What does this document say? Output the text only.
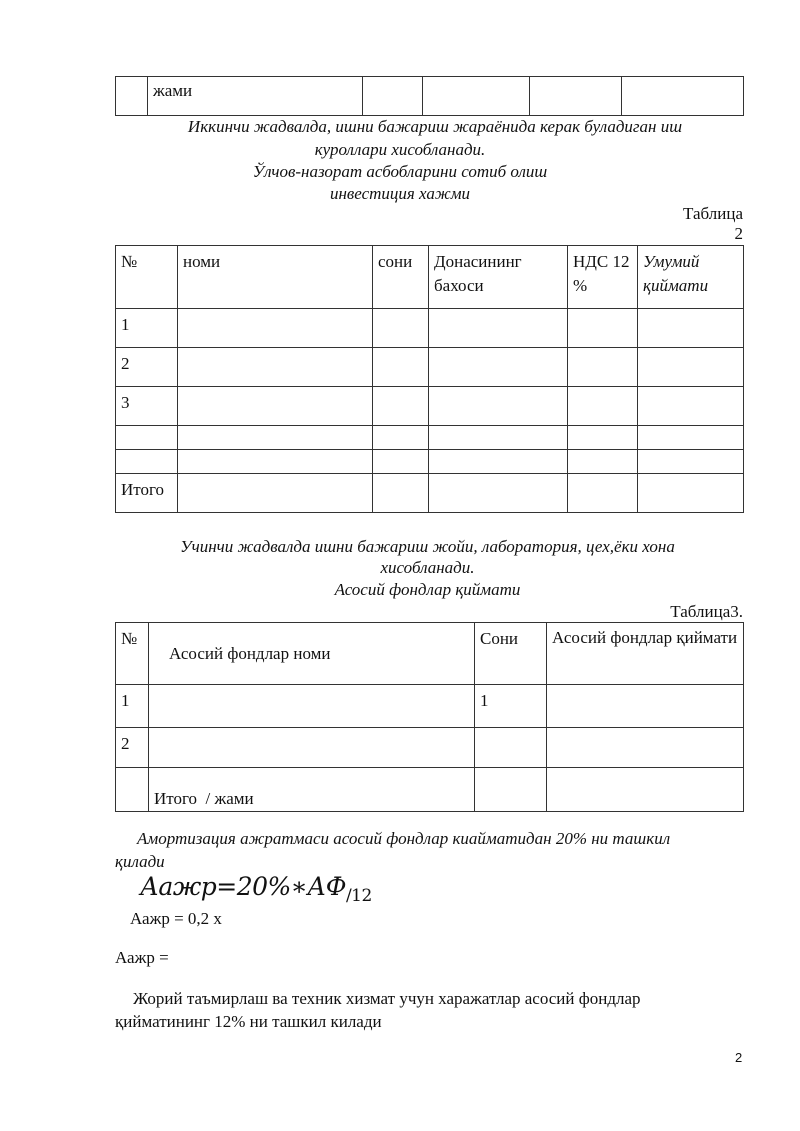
	жами				
Иккинчи жадвалда, ишни бажариш жараёнида керак буладиган иш
куроллари хисобланади.
Ўлчов-назорат асбобларини сотиб олиш
инвестиция хажми
Таблица
2
№	номи	сони	Донасининг бахоси	НДС 12 %	Умумий қиймати
1					
2					
3					

Итого					
Учинчи жадвалда ишни бажариш жойи, лаборатория, цех,ёки хона
хисобланади.
Асосий фондлар қиймати
Таблица3.
№	Асосий фондлар номи	Сони	Асосий фондлар қиймати
1		1	
2			
	Итого  / жами		
Амортизация ажратмаси асосий фондлар киайматидан 20% ни ташкил
қилади
$Аажр=20\%∗АФ_{/12}$
Аажр = 0,2 х
Аажр =
Жорий таъмирлаш ва техник хизмат учун харажатлар асосий фондлар
қийматининг 12% ни ташкил килади
2
